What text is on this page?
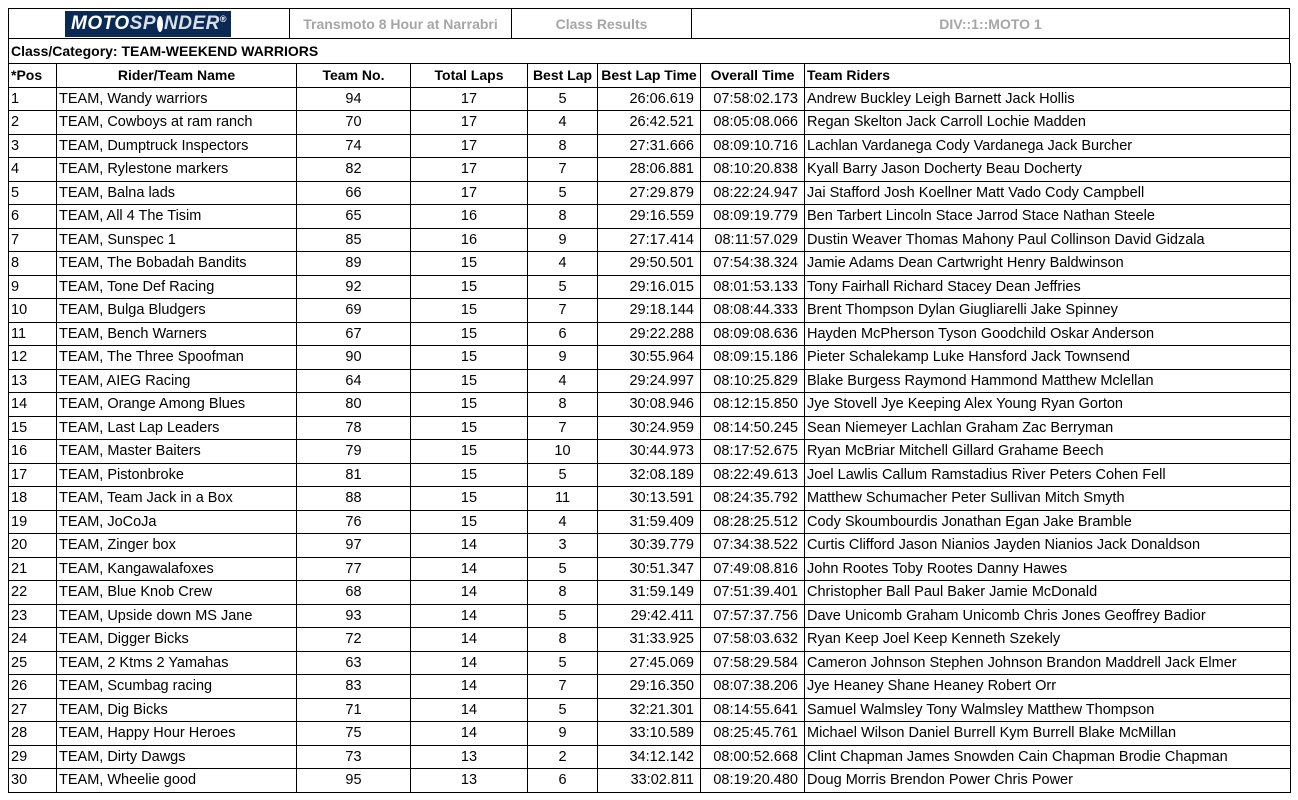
MOTO SP NDER ®	Transmoto 8 Hour at Narrabri	Class Results	DIV::1::MOTO 1
Class/Category: TEAM-WEEKEND WARRIORS
*Pos	Rider/Team Name	Team No.	Total Laps	Best Lap	Best Lap Time	Overall Time	Team Riders
1	TEAM, Wandy warriors	94	17	5	26:06.619	07:58:02.173	Andrew Buckley Leigh Barnett Jack Hollis
2	TEAM, Cowboys at ram ranch	70	17	4	26:42.521	08:05:08.066	Regan Skelton Jack Carroll Lochie Madden
3	TEAM, Dumptruck Inspectors	74	17	8	27:31.666	08:09:10.716	Lachlan Vardanega Cody Vardanega Jack Burcher
4	TEAM, Rylestone markers	82	17	7	28:06.881	08:10:20.838	Kyall Barry Jason Docherty Beau Docherty
5	TEAM, Balna lads	66	17	5	27:29.879	08:22:24.947	Jai Stafford Josh Koellner Matt Vado Cody Campbell
6	TEAM, All 4 The Tisim	65	16	8	29:16.559	08:09:19.779	Ben Tarbert Lincoln Stace Jarrod Stace Nathan Steele
7	TEAM, Sunspec 1	85	16	9	27:17.414	08:11:57.029	Dustin Weaver Thomas Mahony Paul Collinson David Gidzala
8	TEAM, The Bobadah Bandits	89	15	4	29:50.501	07:54:38.324	Jamie Adams Dean Cartwright Henry Baldwinson
9	TEAM, Tone Def Racing	92	15	5	29:16.015	08:01:53.133	Tony Fairhall Richard Stacey Dean Jeffries
10	TEAM, Bulga Bludgers	69	15	7	29:18.144	08:08:44.333	Brent Thompson Dylan Giugliarelli Jake Spinney
11	TEAM, Bench Warners	67	15	6	29:22.288	08:09:08.636	Hayden McPherson Tyson Goodchild Oskar Anderson
12	TEAM, The Three Spoofman	90	15	9	30:55.964	08:09:15.186	Pieter Schalekamp Luke Hansford Jack Townsend
13	TEAM, AIEG Racing	64	15	4	29:24.997	08:10:25.829	Blake Burgess Raymond Hammond Matthew Mclellan
14	TEAM, Orange Among Blues	80	15	8	30:08.946	08:12:15.850	Jye Stovell Jye Keeping Alex Young Ryan Gorton
15	TEAM, Last Lap Leaders	78	15	7	30:24.959	08:14:50.245	Sean Niemeyer Lachlan Graham Zac Berryman
16	TEAM, Master Baiters	79	15	10	30:44.973	08:17:52.675	Ryan McBriar Mitchell Gillard Grahame Beech
17	TEAM, Pistonbroke	81	15	5	32:08.189	08:22:49.613	Joel Lawlis Callum Ramstadius River Peters Cohen Fell
18	TEAM, Team Jack in a Box	88	15	11	30:13.591	08:24:35.792	Matthew Schumacher Peter Sullivan Mitch Smyth
19	TEAM, JoCoJa	76	15	4	31:59.409	08:28:25.512	Cody Skoumbourdis Jonathan Egan Jake Bramble
20	TEAM, Zinger box	97	14	3	30:39.779	07:34:38.522	Curtis Clifford Jason Nianios Jayden Nianios Jack Donaldson
21	TEAM, Kangawalafoxes	77	14	5	30:51.347	07:49:08.816	John Rootes Toby Rootes Danny Hawes
22	TEAM, Blue Knob Crew	68	14	8	31:59.149	07:51:39.401	Christopher Ball Paul Baker Jamie McDonald
23	TEAM, Upside down MS Jane	93	14	5	29:42.411	07:57:37.756	Dave Unicomb Graham Unicomb Chris Jones Geoffrey Badior
24	TEAM, Digger Bicks	72	14	8	31:33.925	07:58:03.632	Ryan Keep Joel Keep Kenneth Szekely
25	TEAM, 2 Ktms 2 Yamahas	63	14	5	27:45.069	07:58:29.584	Cameron Johnson Stephen Johnson Brandon Maddrell Jack Elmer
26	TEAM, Scumbag racing	83	14	7	29:16.350	08:07:38.206	Jye Heaney Shane Heaney Robert Orr
27	TEAM, Dig Bicks	71	14	5	32:21.301	08:14:55.641	Samuel Walmsley Tony Walmsley Matthew Thompson
28	TEAM, Happy Hour Heroes	75	14	9	33:10.589	08:25:45.761	Michael Wilson Daniel Burrell Kym Burrell Blake McMillan
29	TEAM, Dirty Dawgs	73	13	2	34:12.142	08:00:52.668	Clint Chapman James Snowden Cain Chapman Brodie Chapman
30	TEAM, Wheelie good	95	13	6	33:02.811	08:19:20.480	Doug Morris Brendon Power Chris Power
